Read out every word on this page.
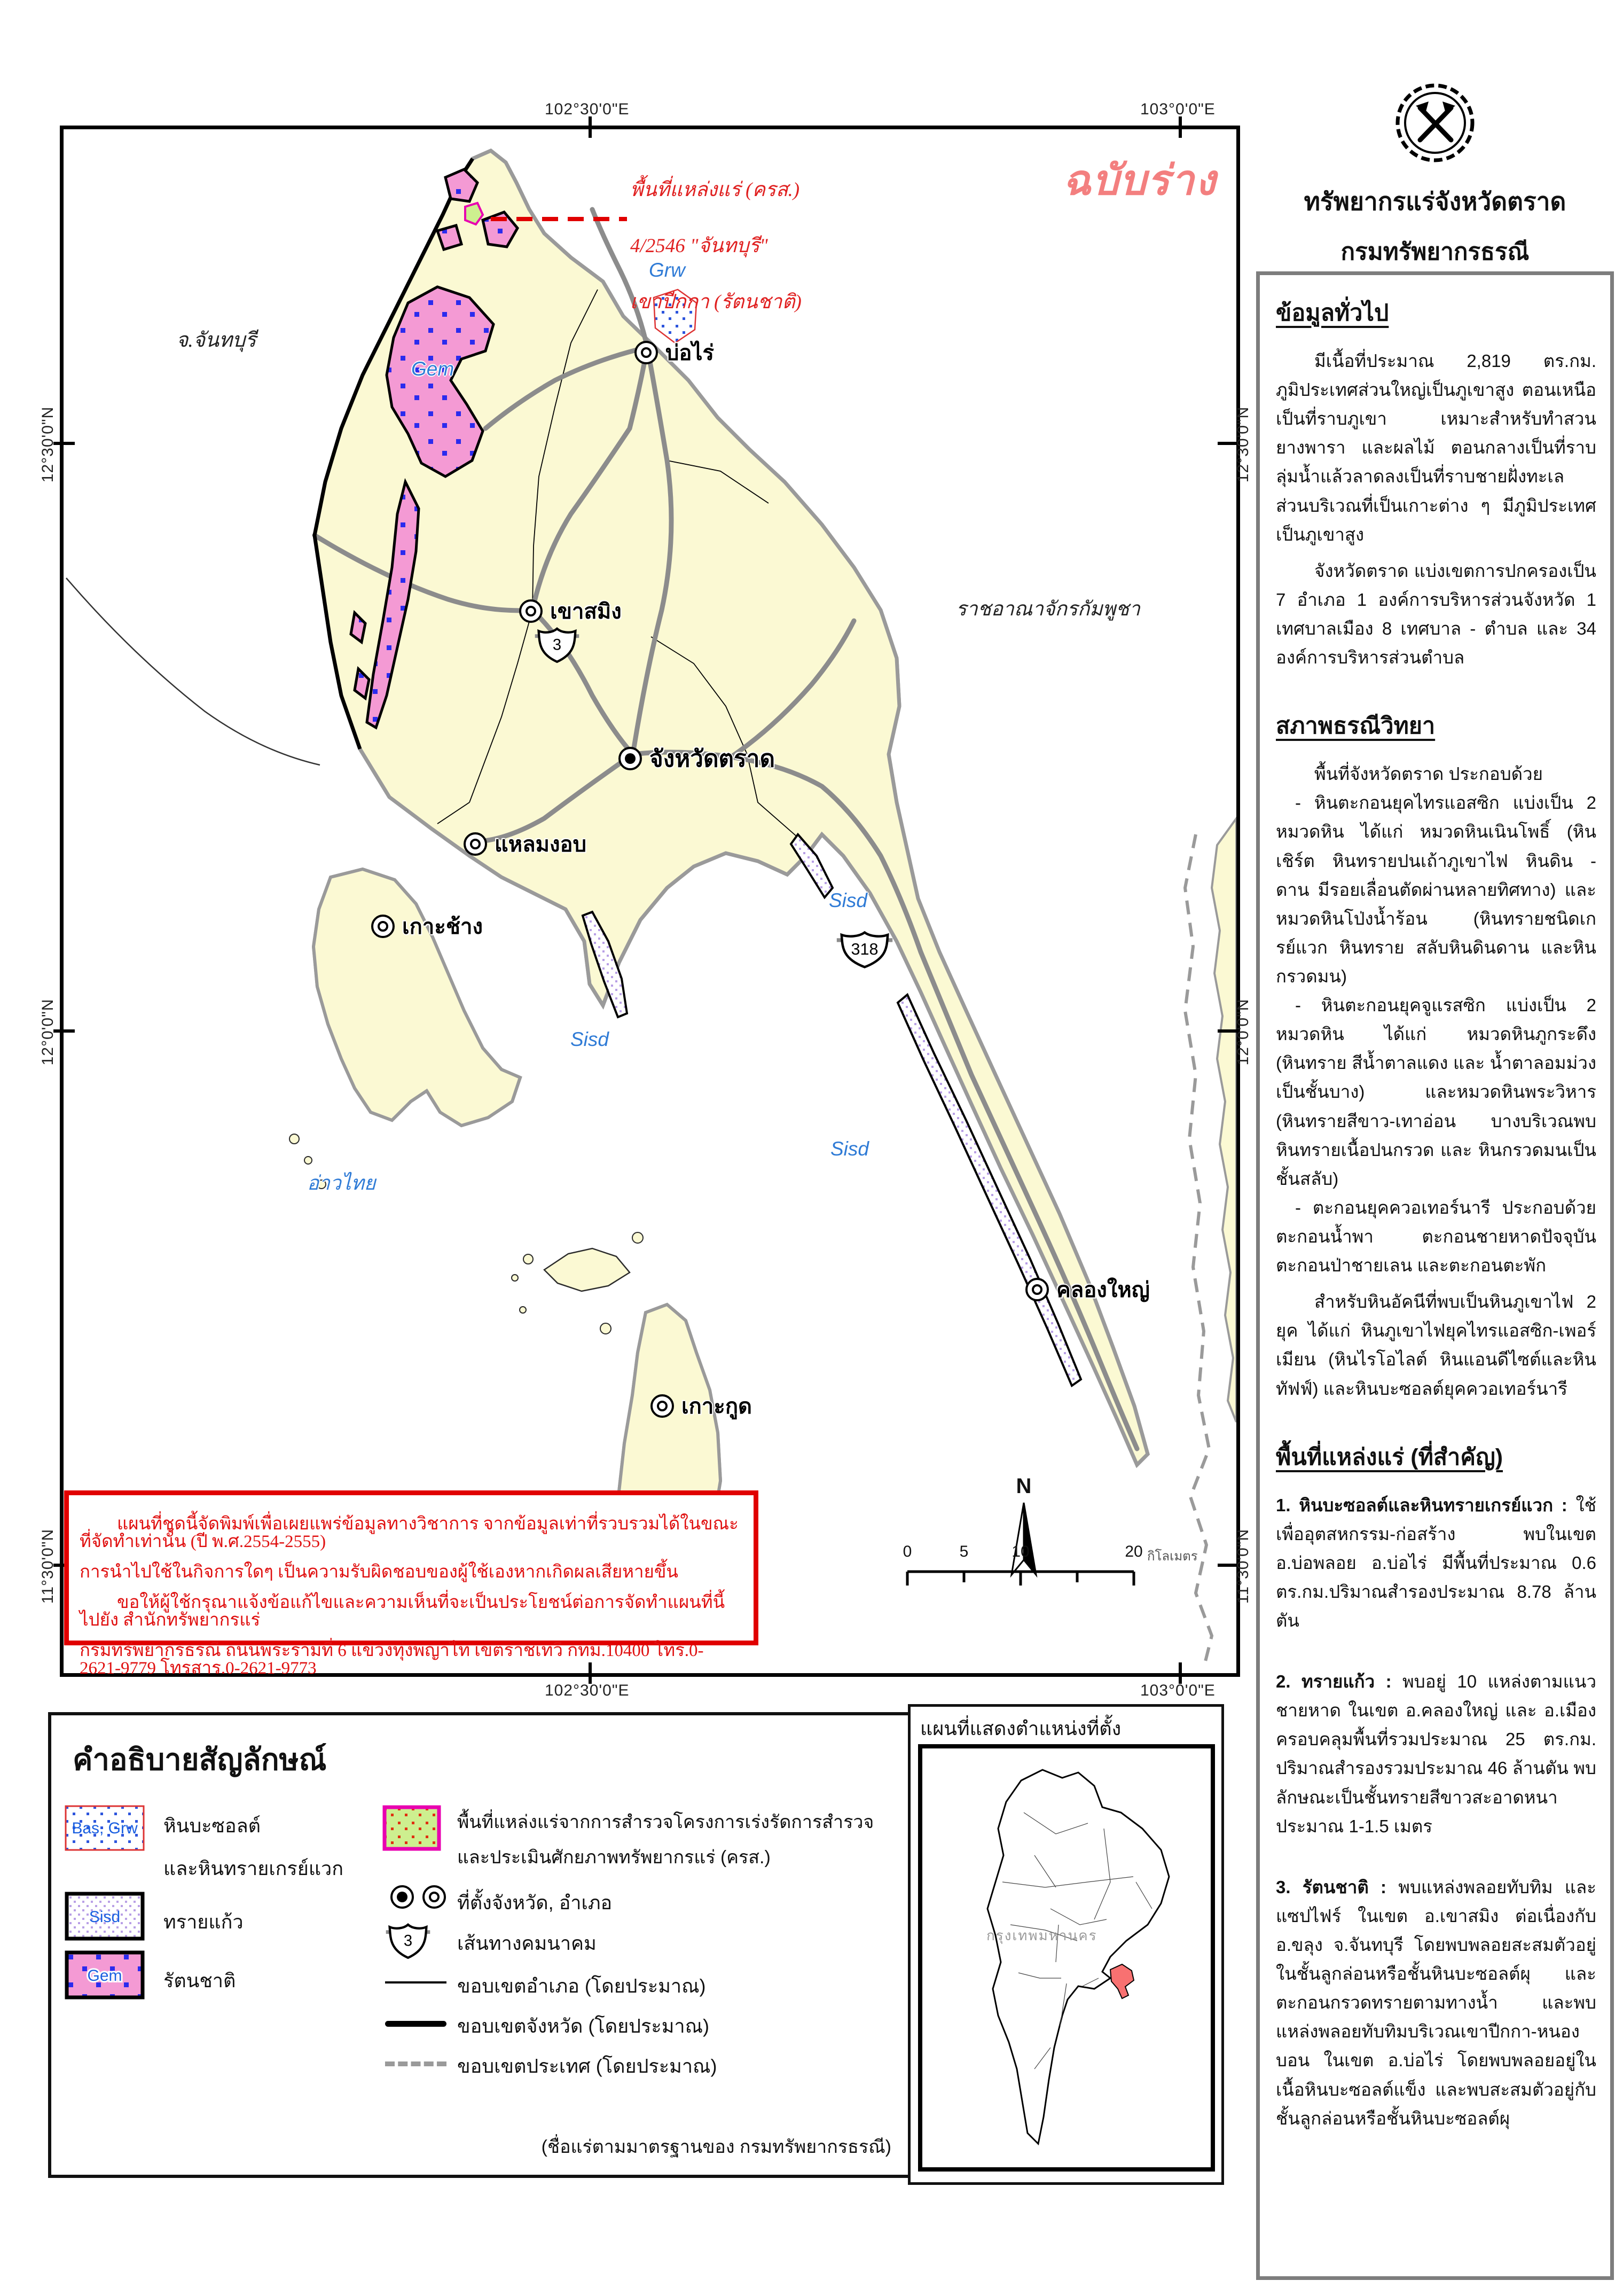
102°30'0"E	103°0'0"E
102°30'0"E	103°0'0"E
12°30'0"N
12°0'0"N
11°30'0"N
12°30'0"N
12°0'0"N
11°30'0"N
ฉบับร่าง
พื้นที่แหล่งแร่ (ครส.)
4/2546 "จันทบุรี"
เขาปีกกา (รัตนชาติ)
จ.จันทบุรี
ราชอาณาจักรกัมพูชา
อ่าวไทย
Gem
Grw
Sisd
Sisd
Sisd
บ่อไร่
เขาสมิง
จังหวัดตราด
แหลมงอบ
เกาะช้าง
คลองใหญ่
เกาะกูด
3
318
N
0	5	10	20 กิโลเมตร

แผนที่ชุดนี้จัดพิมพ์เพื่อเผยแพร่ข้อมูลทางวิชาการ จากข้อมูลเท่าที่รวบรวมได้ในขณะที่จัดทำเท่านั้น (ปี พ.ศ.2554-2555)

การนำไปใช้ในกิจการใดๆ เป็นความรับผิดชอบของผู้ใช้เองหากเกิดผลเสียหายขึ้น

ขอให้ผู้ใช้กรุณาแจ้งข้อแก้ไขและความเห็นที่จะเป็นประโยชน์ต่อการจัดทำแผนที่นี้ไปยัง สำนักทรัพยากรแร่

กรมทรัพยากรธรณี ถนนพระรามที่ 6 แขวงทุ่งพญาไท เขตราชเทวี กทม.10400 โทร.0-2621-9779 โทรสาร.0-2621-9773

ทรัพยากรแร่จังหวัดตราด
กรมทรัพยากรธรณี
ข้อมูลทั่วไป

มีเนื้อที่ประมาณ 2,819 ตร.กม. ภูมิประเทศส่วนใหญ่เป็นภูเขาสูง ตอนเหนือเป็นที่ราบภูเขา เหมาะสำหรับทำสวนยางพารา และผลไม้ ตอนกลางเป็นที่ราบลุ่มน้ำแล้วลาดลงเป็นที่ราบชายฝั่งทะเล ส่วนบริเวณที่เป็นเกาะต่าง ๆ มีภูมิประเทศเป็นภูเขาสูง

จังหวัดตราด แบ่งเขตการปกครองเป็น 7 อำเภอ 1 องค์การบริหารส่วนจังหวัด 1 เทศบาลเมือง 8 เทศบาล - ตำบล และ 34 องค์การบริหารส่วนตำบล

สภาพธรณีวิทยา

พื้นที่จังหวัดตราด ประกอบด้วย

- หินตะกอนยุคไทรแอสซิก แบ่งเป็น 2 หมวดหิน ได้แก่ หมวดหินเนินโพธิ์ (หินเชิร์ต หินทรายปนเถ้าภูเขาไฟ หินดิน - ดาน มีรอยเลื่อนตัดผ่านหลายทิศทาง) และ หมวดหินโป่งน้ำร้อน (หินทรายชนิดเกรย์แวก หินทราย สลับหินดินดาน และหินกรวดมน)

- หินตะกอนยุคจูแรสซิก แบ่งเป็น 2 หมวดหิน ได้แก่ หมวดหินภูกระดึง (หินทราย สีน้ำตาลแดง และ น้ำตาลอมม่วง เป็นชั้นบาง) และหมวดหินพระวิหาร (หินทรายสีขาว-เทาอ่อน บางบริเวณพบหินทรายเนื้อปนกรวด และ หินกรวดมนเป็นชั้นสลับ)

- ตะกอนยุคควอเทอร์นารี ประกอบด้วย ตะกอนน้ำพา ตะกอนชายหาดปัจจุบัน ตะกอนป่าชายเลน และตะกอนตะพัก

สำหรับหินอัคนีที่พบเป็นหินภูเขาไฟ 2 ยุค ได้แก่ หินภูเขาไฟยุคไทรแอสซิก-เพอร์เมียน (หินไรโอไลต์ หินแอนดีไซต์และหินทัฟฟ์) และหินบะซอลต์ยุคควอเทอร์นารี

พื้นที่แหล่งแร่ (ที่สำคัญ)

1. หินบะซอลต์และหินทรายเกรย์แวก : ใช้เพื่ออุตสหกรรม-ก่อสร้าง พบในเขต อ.บ่อพลอย อ.บ่อไร่ มีพื้นที่ประมาณ 0.6 ตร.กม.ปริมาณสำรองประมาณ 8.78 ล้านตัน

2. ทรายแก้ว : พบอยู่ 10 แหล่งตามแนวชายหาด ในเขต อ.คลองใหญ่ และ อ.เมือง ครอบคลุมพื้นที่รวมประมาณ 25 ตร.กม. ปริมาณสำรองรวมประมาณ 46 ล้านตัน พบลักษณะเป็นชั้นทรายสีขาวสะอาดหนา ประมาณ 1-1.5 เมตร

3. รัตนชาติ : พบแหล่งพลอยทับทิม และแซปไฟร์ ในเขต อ.เขาสมิง ต่อเนื่องกับ อ.ขลุง จ.จันทบุรี โดยพบพลอยสะสมตัวอยู่ในชั้นลูกล่อนหรือชั้นหินบะซอลต์ผุ และตะกอนกรวดทรายตามทางน้ำ และพบแหล่งพลอยทับทิมบริเวณเขาปีกกา-หนองบอน ในเขต อ.บ่อไร่ โดยพบพลอยอยู่ในเนื้อหินบะซอลต์แข็ง และพบสะสมตัวอยู่กับชั้นลูกล่อนหรือชั้นหินบะซอลต์ผุ

คำอธิบายสัญลักษณ์
Bas, Grw หินบะซอลต์
และหินทรายเกรย์แวก
Sisd ทรายแก้ว
Gem รัตนชาติ
พื้นที่แหล่งแร่จากการสำรวจโครงการเร่งรัดการสำรวจ
และประเมินศักยภาพทรัพยากรแร่ (ครส.)
ที่ตั้งจังหวัด, อำเภอ
3 เส้นทางคมนาคม
ขอบเขตอำเภอ (โดยประมาณ)
ขอบเขตจังหวัด (โดยประมาณ)
ขอบเขตประเทศ (โดยประมาณ)
(ชื่อแร่ตามมาตรฐานของ กรมทรัพยากรธรณี)
แผนที่แสดงตำแหน่งที่ตั้ง
กรุงเทพมหานคร
